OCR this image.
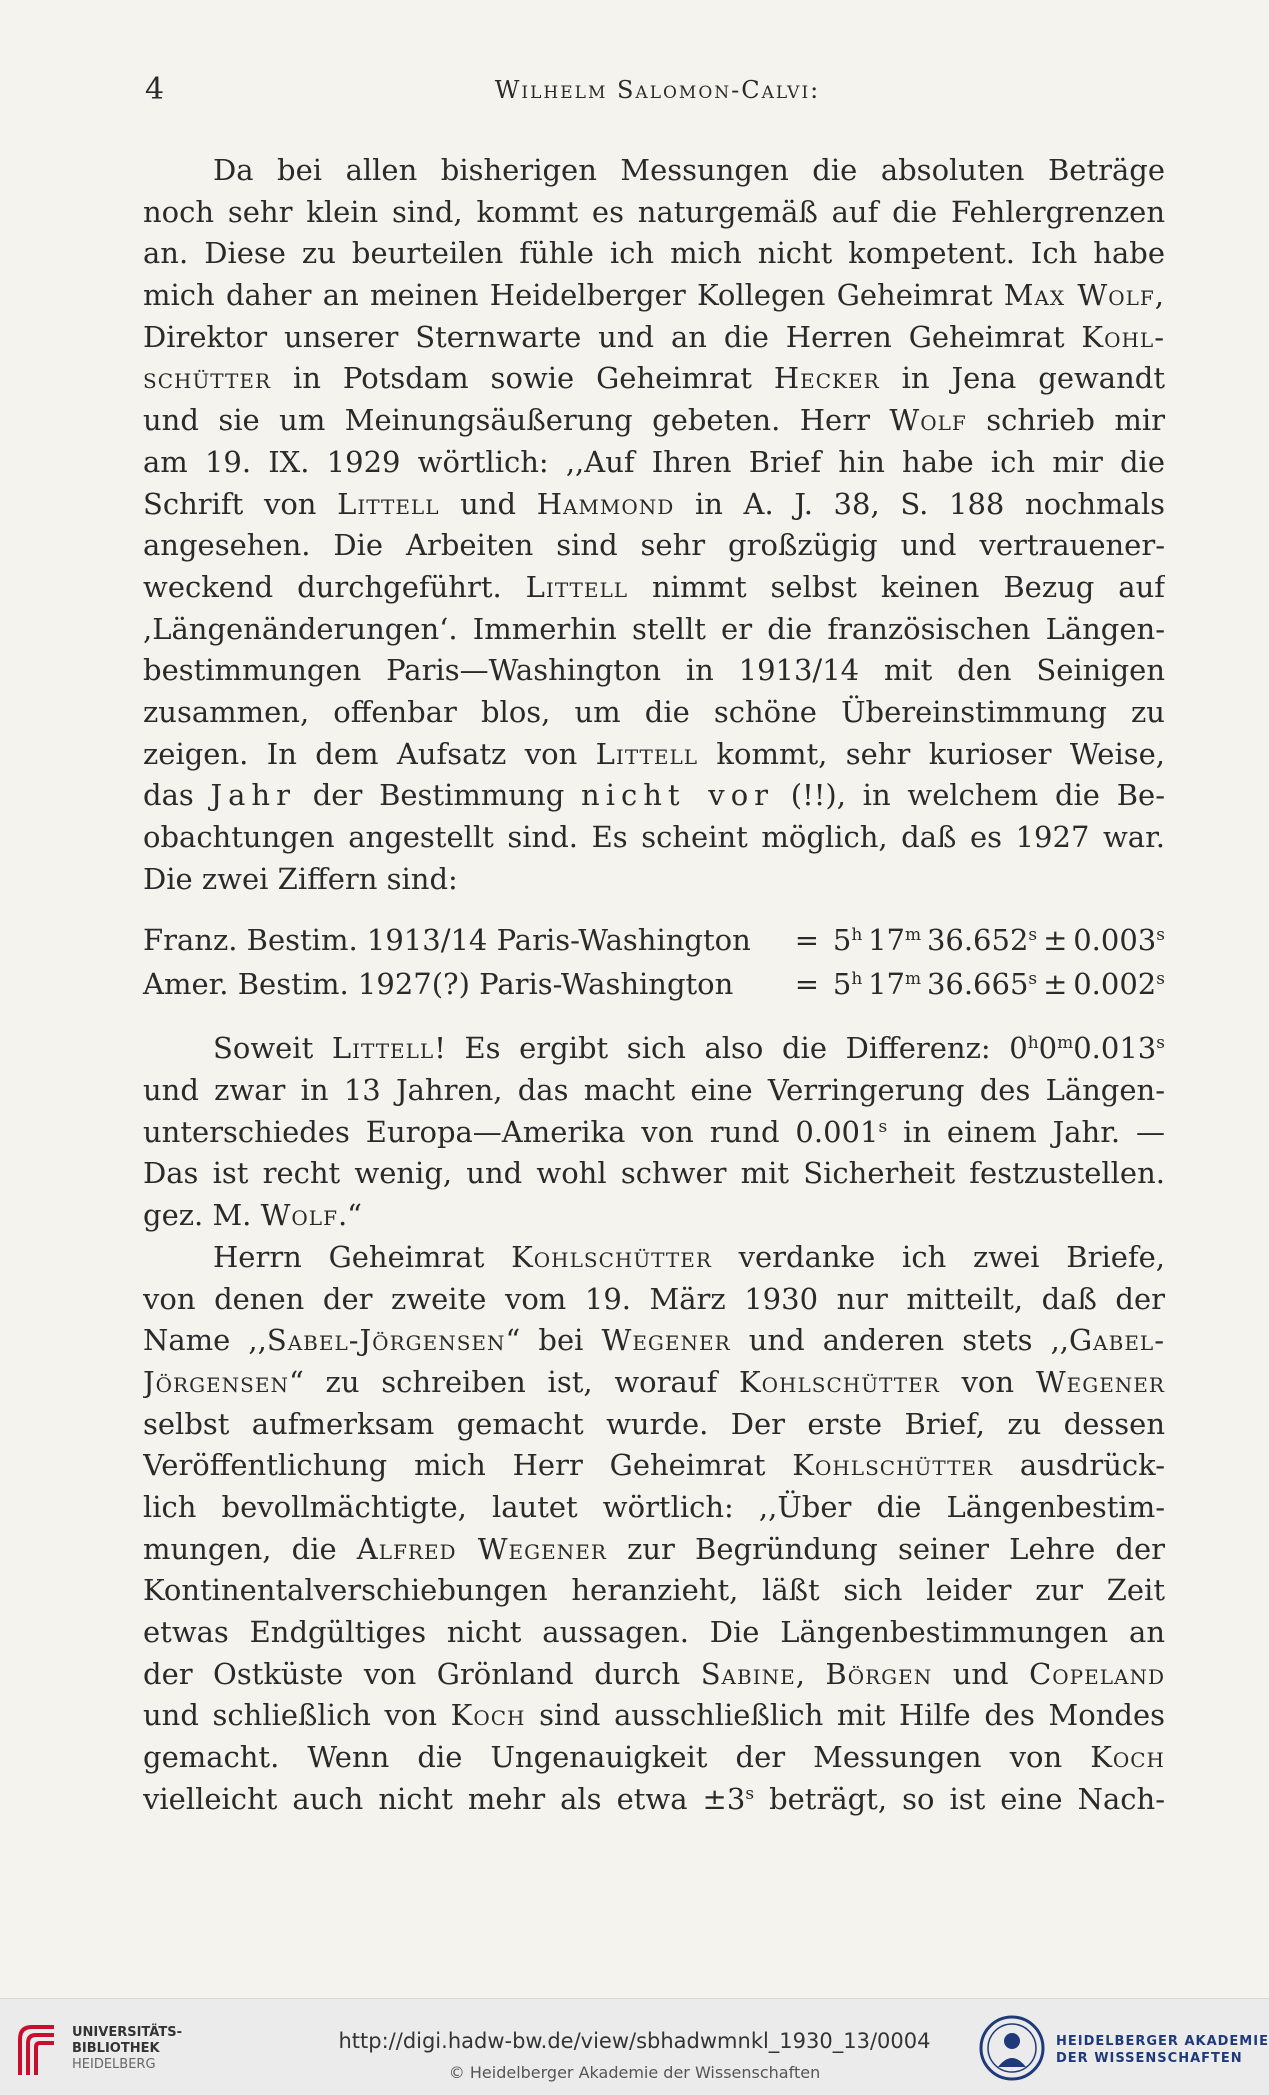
4	Wilhelm Salomon-Calvi:
Da bei allen bisherigen Messungen die absoluten Beträge
noch sehr klein sind, kommt es naturgemäß auf die Fehlergrenzen
an. Diese zu beurteilen fühle ich mich nicht kompetent. Ich habe
mich daher an meinen Heidelberger Kollegen Geheimrat Max Wolf,
Direktor unserer Sternwarte und an die Herren Geheimrat Kohl-
schütter in Potsdam sowie Geheimrat Hecker in Jena gewandt
und sie um Meinungsäußerung gebeten. Herr Wolf schrieb mir
am 19. IX. 1929 wörtlich: ,,Auf Ihren Brief hin habe ich mir die
Schrift von Littell und Hammond in A. J. 38, S. 188 nochmals
angesehen. Die Arbeiten sind sehr großzügig und vertrauener-
weckend durchgeführt. Littell nimmt selbst keinen Bezug auf
,Längenänderungen‘. Immerhin stellt er die französischen Längen-
bestimmungen Paris—Washington in 1913/14 mit den Seinigen
zusammen, offenbar blos, um die schöne Übereinstimmung zu
zeigen. In dem Aufsatz von Littell kommt, sehr kurioser Weise,
das Jahr der Bestimmung nicht vor (!!), in welchem die Be-
obachtungen angestellt sind. Es scheint möglich, daß es 1927 war.
Die zwei Ziffern sind:
Franz. Bestim. 1913/14 Paris-Washington	= $5^h$  17$^m$  $36.652^s \pm 0.003^s$
Amer. Bestim. 1927(?) Paris-Washington	= $5^h$  17$^m$  $36.665^s \pm 0.002^s$
Soweit Littell! Es ergibt sich also die Differenz: 0$^h$0$^m$0.013$^s$
und zwar in 13 Jahren, das macht eine Verringerung des Längen-
unterschiedes Europa—Amerika von rund 0.001$^s$ in einem Jahr. —
Das ist recht wenig, und wohl schwer mit Sicherheit festzustellen.
gez. M. Wolf.“
Herrn Geheimrat Kohlschütter verdanke ich zwei Briefe,
von denen der zweite vom 19. März 1930 nur mitteilt, daß der
Name ,,Sabel-Jörgensen“ bei Wegener und anderen stets ,,Gabel-
Jörgensen“ zu schreiben ist, worauf Kohlschütter von Wegener
selbst aufmerksam gemacht wurde. Der erste Brief, zu dessen
Veröffentlichung mich Herr Geheimrat Kohlschütter ausdrück-
lich bevollmächtigte, lautet wörtlich: ,,Über die Längenbestim-
mungen, die Alfred Wegener zur Begründung seiner Lehre der
Kontinentalverschiebungen heranzieht, läßt sich leider zur Zeit
etwas Endgültiges nicht aussagen. Die Längenbestimmungen an
der Ostküste von Grönland durch Sabine, Börgen und Copeland
und schließlich von Koch sind ausschließlich mit Hilfe des Mondes
gemacht. Wenn die Ungenauigkeit der Messungen von Koch
vielleicht auch nicht mehr als etwa $\pm 3^s$ beträgt, so ist eine Nach-
UNIVERSITÄTS-
BIBLIOTHEK
HEIDELBERG
http://digi.hadw-bw.de/view/sbhadwmnkl_1930_13/0004
© Heidelberger Akademie der Wissenschaften
HEIDELBERGER AKADEMIE
DER WISSENSCHAFTEN
